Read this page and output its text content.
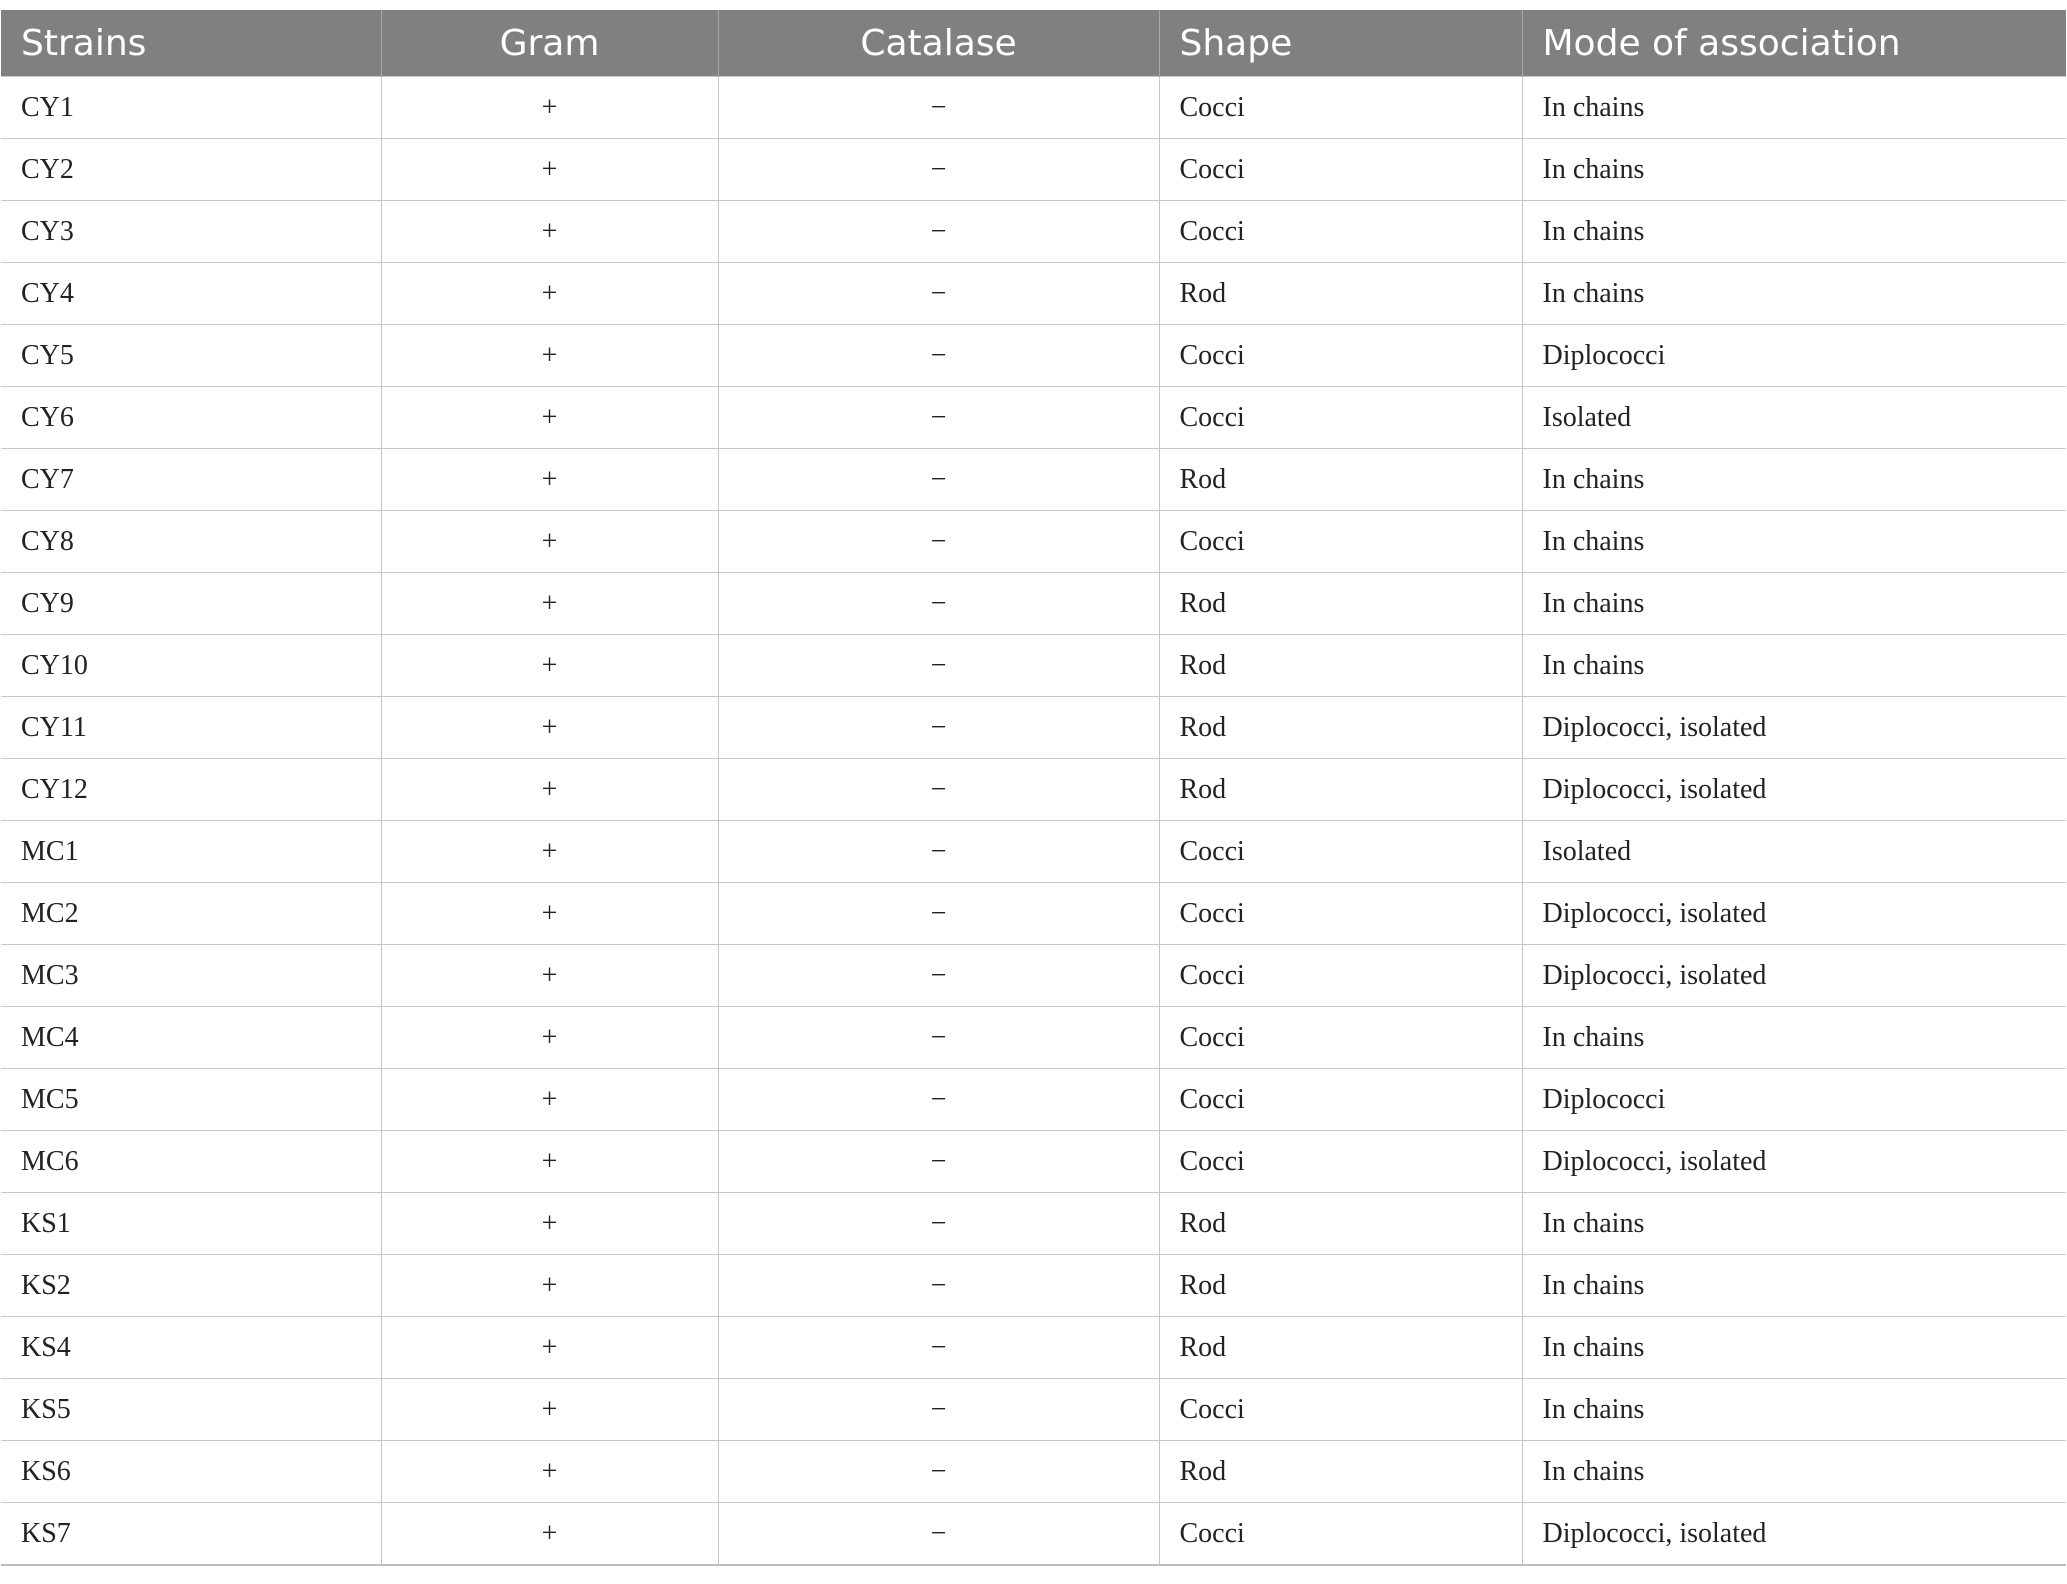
Strains	Gram	Catalase	Shape	Mode of association
CY1	+	−	Cocci	In chains
CY2	+	−	Cocci	In chains
CY3	+	−	Cocci	In chains
CY4	+	−	Rod	In chains
CY5	+	−	Cocci	Diplococci
CY6	+	−	Cocci	Isolated
CY7	+	−	Rod	In chains
CY8	+	−	Cocci	In chains
CY9	+	−	Rod	In chains
CY10	+	−	Rod	In chains
CY11	+	−	Rod	Diplococci, isolated
CY12	+	−	Rod	Diplococci, isolated
MC1	+	−	Cocci	Isolated
MC2	+	−	Cocci	Diplococci, isolated
MC3	+	−	Cocci	Diplococci, isolated
MC4	+	−	Cocci	In chains
MC5	+	−	Cocci	Diplococci
MC6	+	−	Cocci	Diplococci, isolated
KS1	+	−	Rod	In chains
KS2	+	−	Rod	In chains
KS4	+	−	Rod	In chains
KS5	+	−	Cocci	In chains
KS6	+	−	Rod	In chains
KS7	+	−	Cocci	Diplococci, isolated
